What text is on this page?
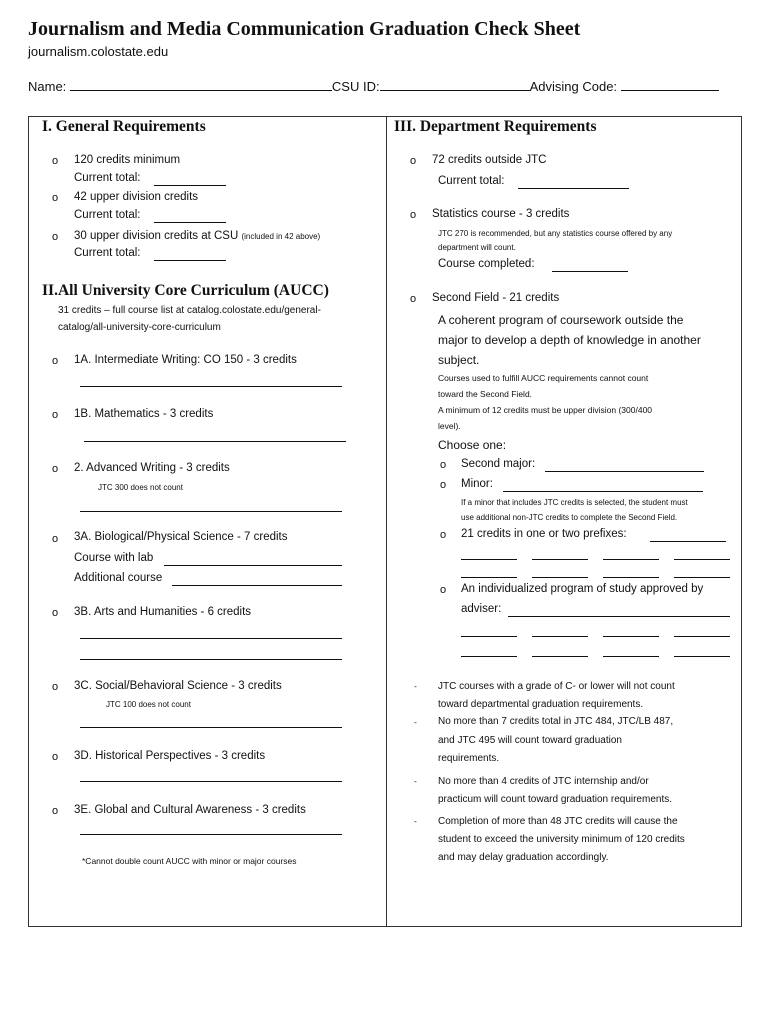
Journalism and Media Communication Graduation Check Sheet
journalism.colostate.edu
Name:	CSU ID:	Advising Code:
I. General Requirements
o 120 credits minimum
Current total:
o 42 upper division credits
Current total:
o 30 upper division credits at CSU (included in 42 above)
Current total:
II.All University Core Curriculum (AUCC)
31 credits – full course list at catalog.colostate.edu/general-
catalog/all-university-core-curriculum
o 1A. Intermediate Writing: CO 150 - 3 credits
o 1B. Mathematics - 3 credits
o 2. Advanced Writing - 3 credits
JTC 300 does not count
o 3A. Biological/Physical Science - 7 credits
Course with lab
Additional course
o 3B. Arts and Humanities - 6 credits
o 3C. Social/Behavioral Science - 3 credits
JTC 100 does not count
o 3D. Historical Perspectives - 3 credits
o 3E. Global and Cultural Awareness - 3 credits
*Cannot double count AUCC with minor or major courses
III. Department Requirements
o 72 credits outside JTC
Current total:
o Statistics course - 3 credits
JTC 270 is recommended, but any statistics course offered by any
department will count.
Course completed:
o Second Field - 21 credits
A coherent program of coursework outside the
major to develop a depth of knowledge in another
subject.
Courses used to fulfill AUCC requirements cannot count
toward the Second Field.
A minimum of 12 credits must be upper division (300/400
level).
Choose one:
o Second major:
o Minor:
If a minor that includes JTC credits is selected, the student must
use additional non-JTC credits to complete the Second Field.
o 21 credits in one or two prefixes:
o An individualized program of study approved by
adviser:
- JTC courses with a grade of C- or lower will not count
toward departmental graduation requirements.
- No more than 7 credits total in JTC 484, JTC/LB 487,
and JTC 495 will count toward graduation
requirements.
- No more than 4 credits of JTC internship and/or
practicum will count toward graduation requirements.
- Completion of more than 48 JTC credits will cause the
student to exceed the university minimum of 120 credits
and may delay graduation accordingly.
